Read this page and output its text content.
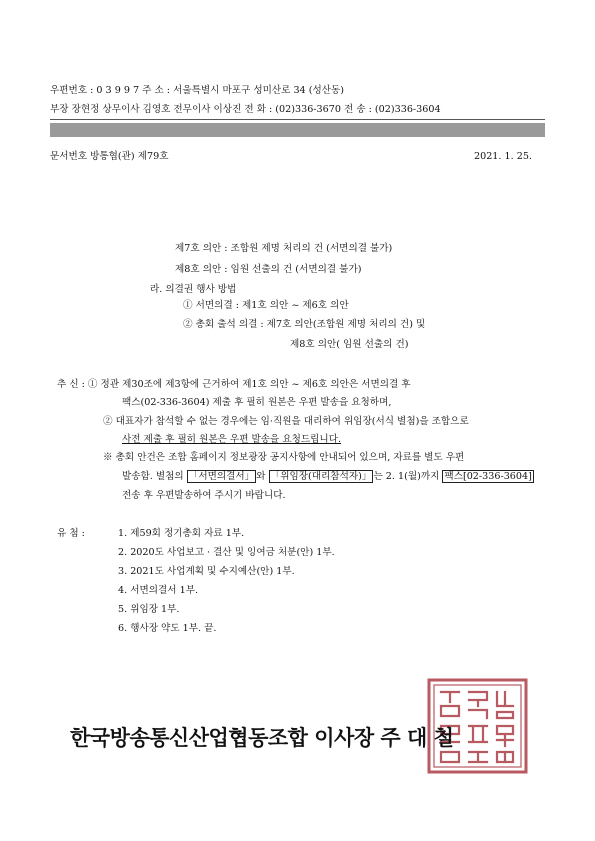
우편번호 : 0 3 9 9 7 주 소 : 서울특별시 마포구 성미산로 34 (성산동)
부장 장현정 상무이사 김영호 전무이사 이상진 전 화 : (02)336-3670 전 송 : (02)336-3604
문서번호 방통협(관) 제79호	2021. 1. 25.
제7호 의안 : 조합원 제명 처리의 건 (서면의결 불가)
제8호 의안 : 임원 선출의 건 (서면의결 불가)
라. 의결권 행사 방법
① 서면의결 : 제1호 의안 ~ 제6호 의안
② 총회 출석 의결 : 제7호 의안(조합원 제명 처리의 건) 및
제8호 의안( 임원 선출의 건)
추 신 : ① 정관 제30조에 제3항에 근거하여 제1호 의안 ~ 제6호 의안은 서면의결 후
팩스(02-336-3604) 제출 후 필히 원본은 우편 발송을 요청하며,
② 대표자가 참석할 수 없는 경우에는 임·직원을 대리하여 위임장(서식 별첨)을 조합으로
사전 제출 후 필히 원본은 우편 발송을 요청드립니다.
※ 총회 안건은 조합 홈페이지 정보광장 공지사항에 안내되어 있으며, 자료를 별도 우편
발송함. 별첨의 「서면의결서」 와 「위임장(대리참석자)」 는 2. 1(월)까지 팩스[02-336-3604]
전송 후 우편발송하여 주시기 바랍니다.
유 첨 :	1. 제59회 정기총회 자료 1부.
2. 2020도 사업보고 · 결산 및 잉여금 처분(안) 1부.
3. 2021도 사업계획 및 수지예산(안) 1부.
4. 서면의결서 1부.
5. 위임장 1부.
6. 행사장 약도 1부. 끝.
한국방송통신산업협동조합 이사장 주 대 철
